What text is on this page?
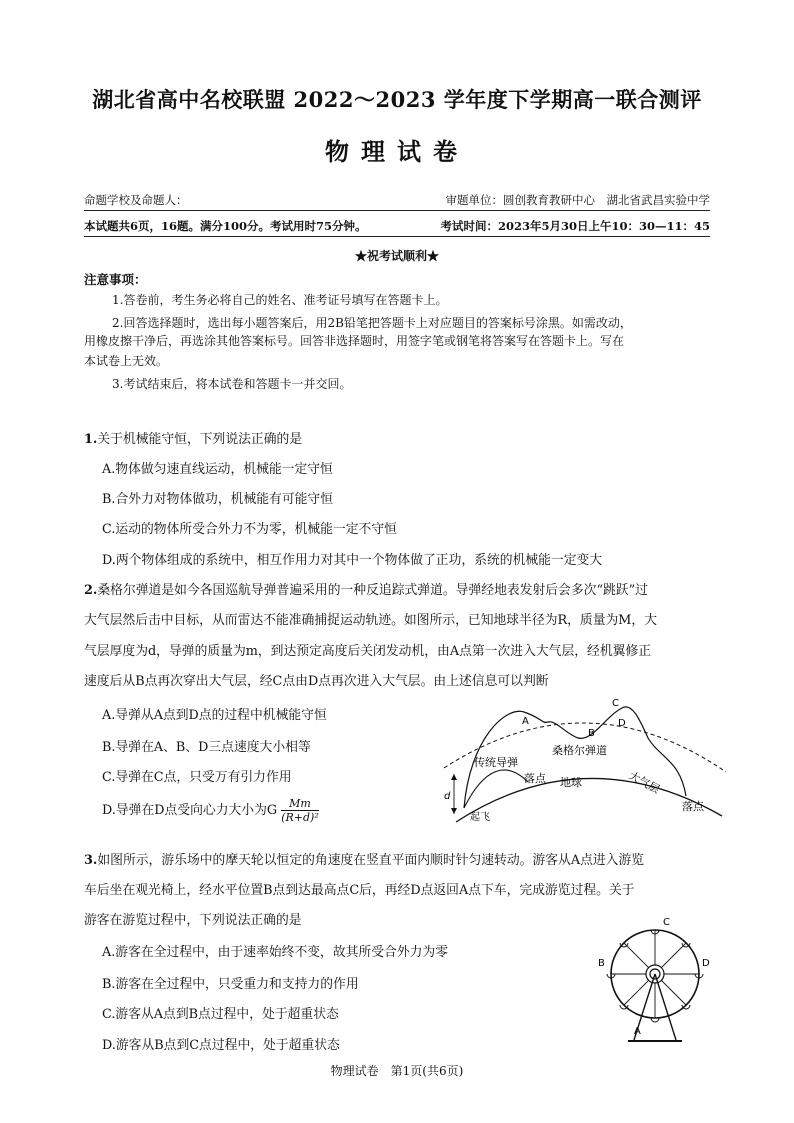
湖北省高中名校联盟 2022～2023 学年度下学期高一联合测评
物理试卷
命题学校及命题人：	审题单位：圆创教育教研中心　湖北省武昌实验中学
本试题共6页，16题。满分100分。考试用时75分钟。	考试时间：2023年5月30日上午10：30—11：45
★祝考试顺利★
注意事项：
1.答卷前，考生务必将自己的姓名、准考证号填写在答题卡上。
2.回答选择题时，选出每小题答案后，用2B铅笔把答题卡上对应题目的答案标号涂黑。如需改动，
用橡皮擦干净后，再选涂其他答案标号。回答非选择题时，用签字笔或钢笔将答案写在答题卡上。写在
本试卷上无效。
3.考试结束后，将本试卷和答题卡一并交回。
1.关于机械能守恒，下列说法正确的是
A.物体做匀速直线运动，机械能一定守恒
B.合外力对物体做功，机械能有可能守恒
C.运动的物体所受合外力不为零，机械能一定不守恒
D.两个物体组成的系统中，相互作用力对其中一个物体做了正功，系统的机械能一定变大
2.桑格尔弹道是如今各国巡航导弹普遍采用的一种反追踪式弹道。导弹经地表发射后会多次“跳跃”过
大气层然后击中目标，从而雷达不能准确捕捉运动轨迹。如图所示，已知地球半径为R，质量为M，大
气层厚度为d，导弹的质量为m，到达预定高度后关闭发动机，由A点第一次进入大气层，经机翼修正
速度后从B点再次穿出大气层，经C点由D点再次进入大气层。由上述信息可以判断
A.导弹从A点到D点的过程中机械能守恒
B.导弹在A、B、D三点速度大小相等
C.导弹在C点，只受万有引力作用
D.导弹在D点受向心力大小为G $\frac{Mm}{\text{(R+d)²}}$
d
A
B
C
D
传统导弹
桑格尔弹道
大气层
落点
落点
地球
起飞
3.如图所示，游乐场中的摩天轮以恒定的角速度在竖直平面内顺时针匀速转动。游客从A点进入游览
车后坐在观光椅上，经水平位置B点到达最高点C后，再经D点返回A点下车，完成游览过程。关于
游客在游览过程中，下列说法正确的是
A.游客在全过程中，由于速率始终不变，故其所受合外力为零
B.游客在全过程中，只受重力和支持力的作用
C.游客从A点到B点过程中，处于超重状态
D.游客从B点到C点过程中，处于超重状态
C
B	D
A
物理试卷　第1页(共6页)
